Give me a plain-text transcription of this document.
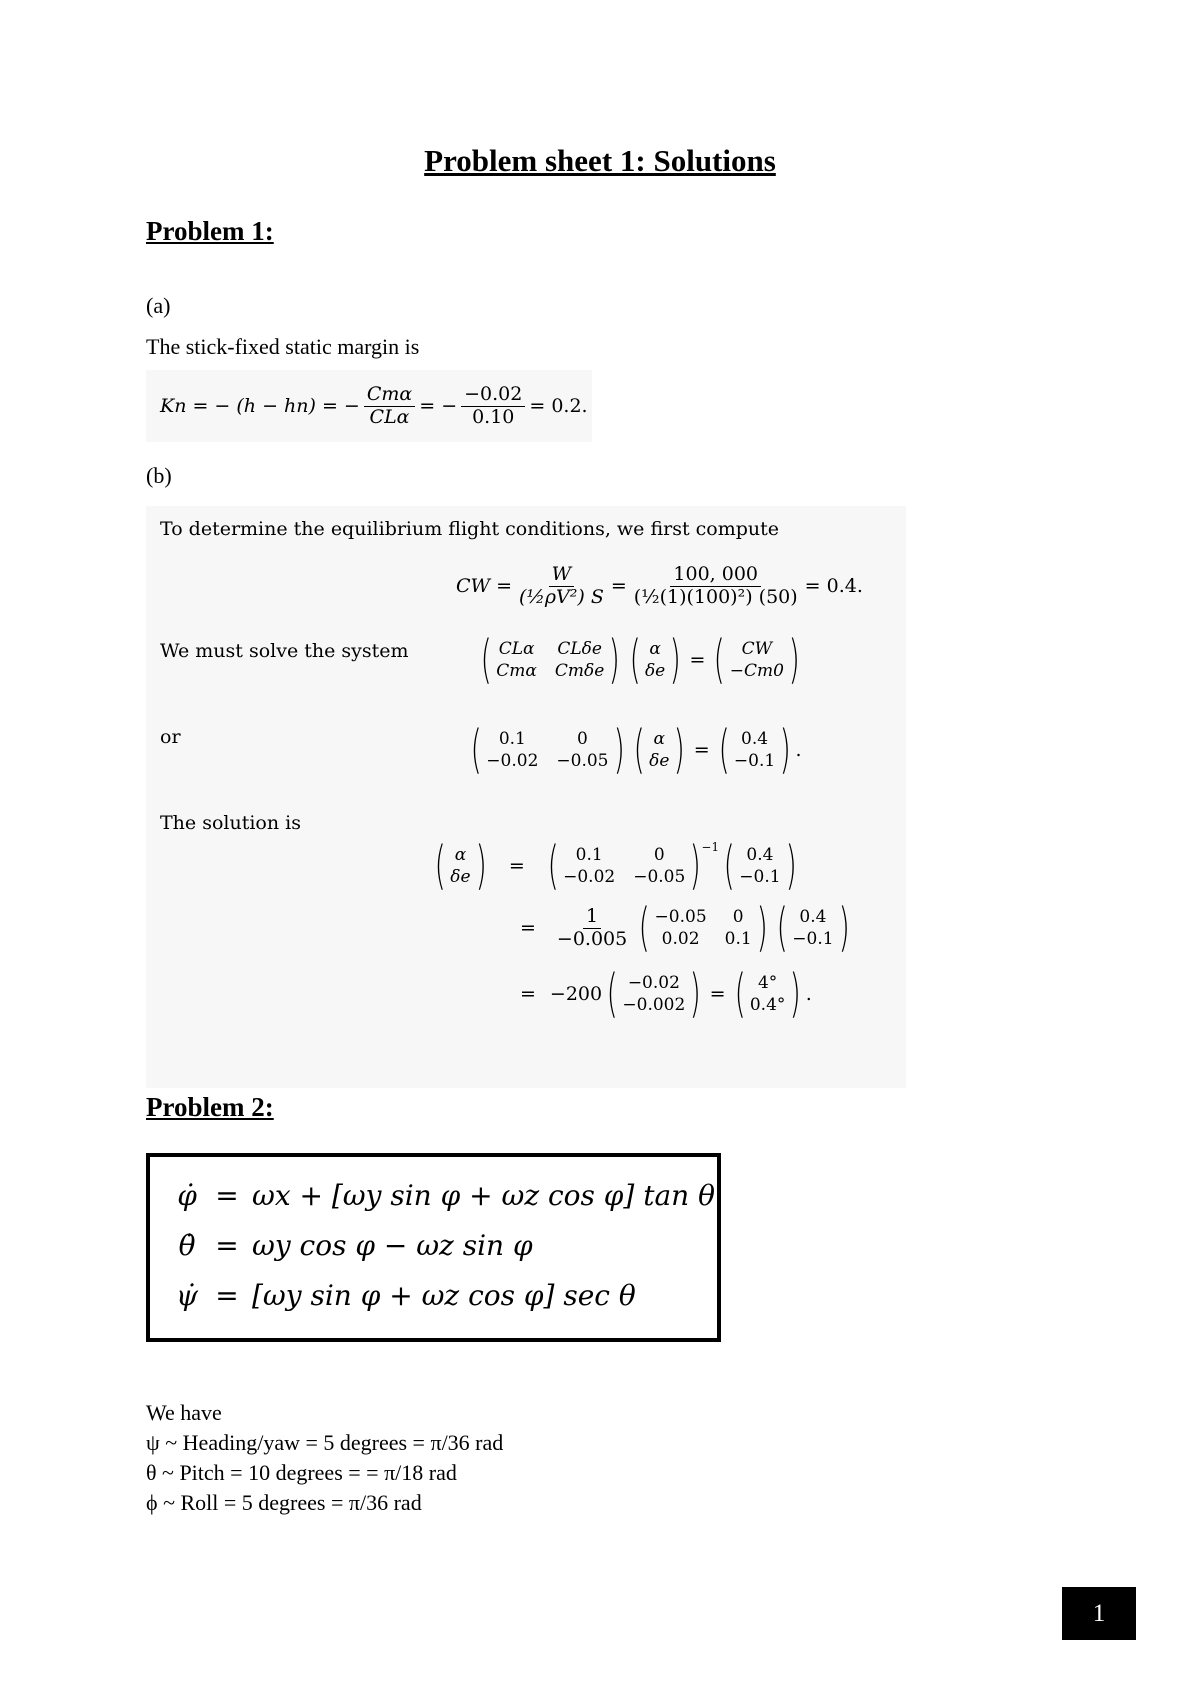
Problem sheet 1: Solutions
Problem 1:
(a)
The stick-fixed static margin is
Kn = − (h − hn) = − $\frac{\text{Cmα}}{\text{CLα}}$ = − $\frac{-0.02}{0.10} = 0.2$.
(b)
To determine the equilibrium flight conditions, we first compute
CW = $\frac{W}{\text{(½ρV²) S}} = \frac{100, 000}{\text{(½(1)(100)²) (50)}} = 0.4$.
We must solve the system ( CLα CLδe
Cmα Cmδe ) ( α
δe ) = ( CW
−Cm0 )
or	(	0.1	0
−0.02 −0.05 ) ( α
δe ) = ( 0.4
−0.1 ) .
The solution is
( α
δe ) = (	0.1	0
−0.02 −0.05 )$^{-1}$ ( 0.4
−0.1 )
= $\frac{1}{-0.005}$ ( −0.05	0
0.02	0.1 ) ( 0.4
−0.1 )
= −200 ( −0.02
−0.002 ) = ( 4°
0.4° ) .
Problem 2:
φ̇ = ωx + [ωy sin φ + ωz cos φ] tan θ
θ̇ = ωy cos φ − ωz sin φ
ψ̇ = [ωy sin φ + ωz cos φ] sec θ
We have
ψ ~ Heading/yaw = 5 degrees = π/36 rad
θ ~ Pitch = 10 degrees = = π/18 rad
ϕ ~ Roll = 5 degrees = π/36 rad
1
